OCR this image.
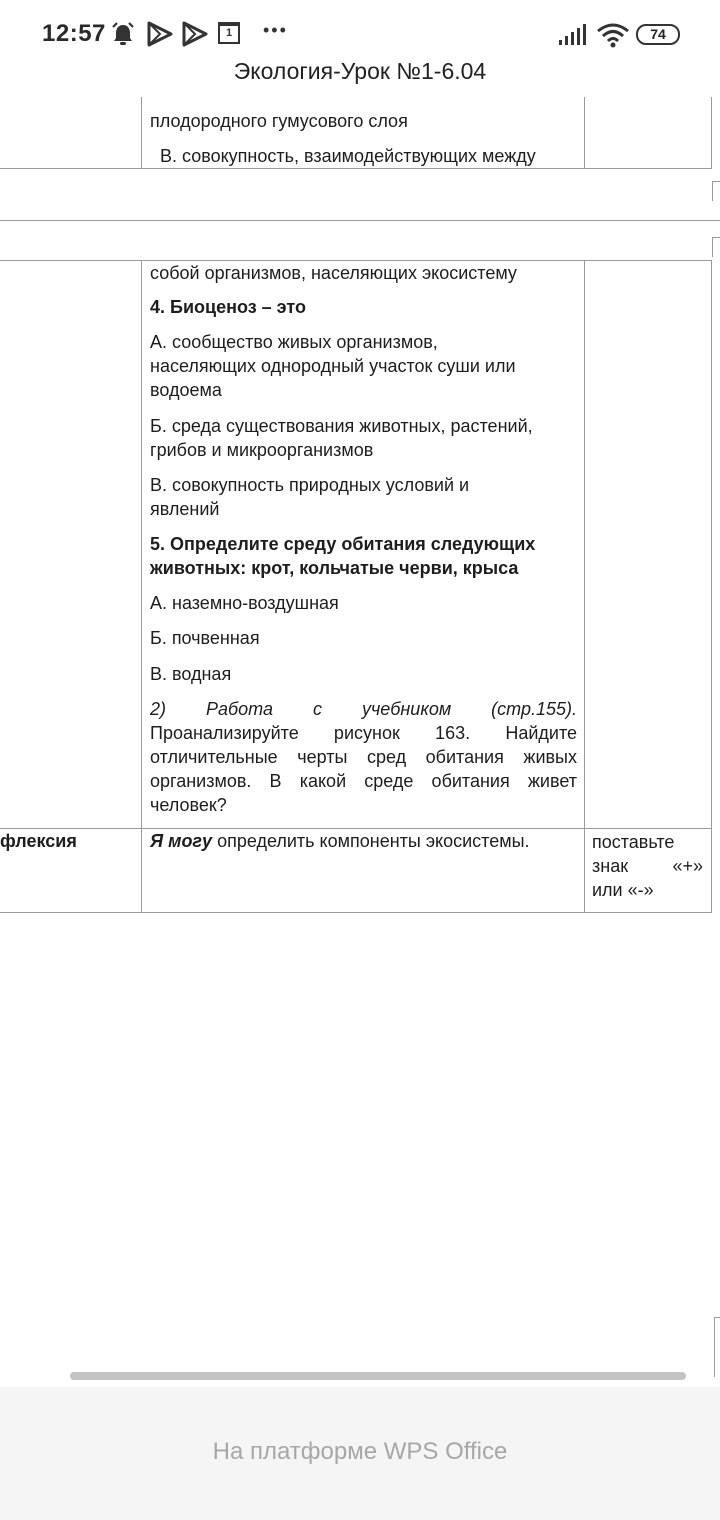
12:57	1	•••	74
Экология-Урок №1-6.04
плодородного гумусового слоя
В. совокупность, взаимодействующих между
собой организмов, населяющих экосистему
4. Биоценоз – это
А. сообщество живых организмов,
населяющих однородный участок суши или
водоема
Б. среда существования животных, растений,
грибов и микроорганизмов
В. совокупность природных условий и
явлений
5. Определите среду обитания следующих
животных: крот, кольчатые черви, крыса
А. наземно-воздушная
Б. почвенная
В. водная
2) Работа с учебником (стр.155).
Проанализируйте рисунок 163. Найдите
отличительные черты сред обитания живых
организмов. В какой среде обитания живет
человек?
флексия	Я могу определить компоненты экосистемы.	поставьте
знак «+»
или «-»
На платформе WPS Office
